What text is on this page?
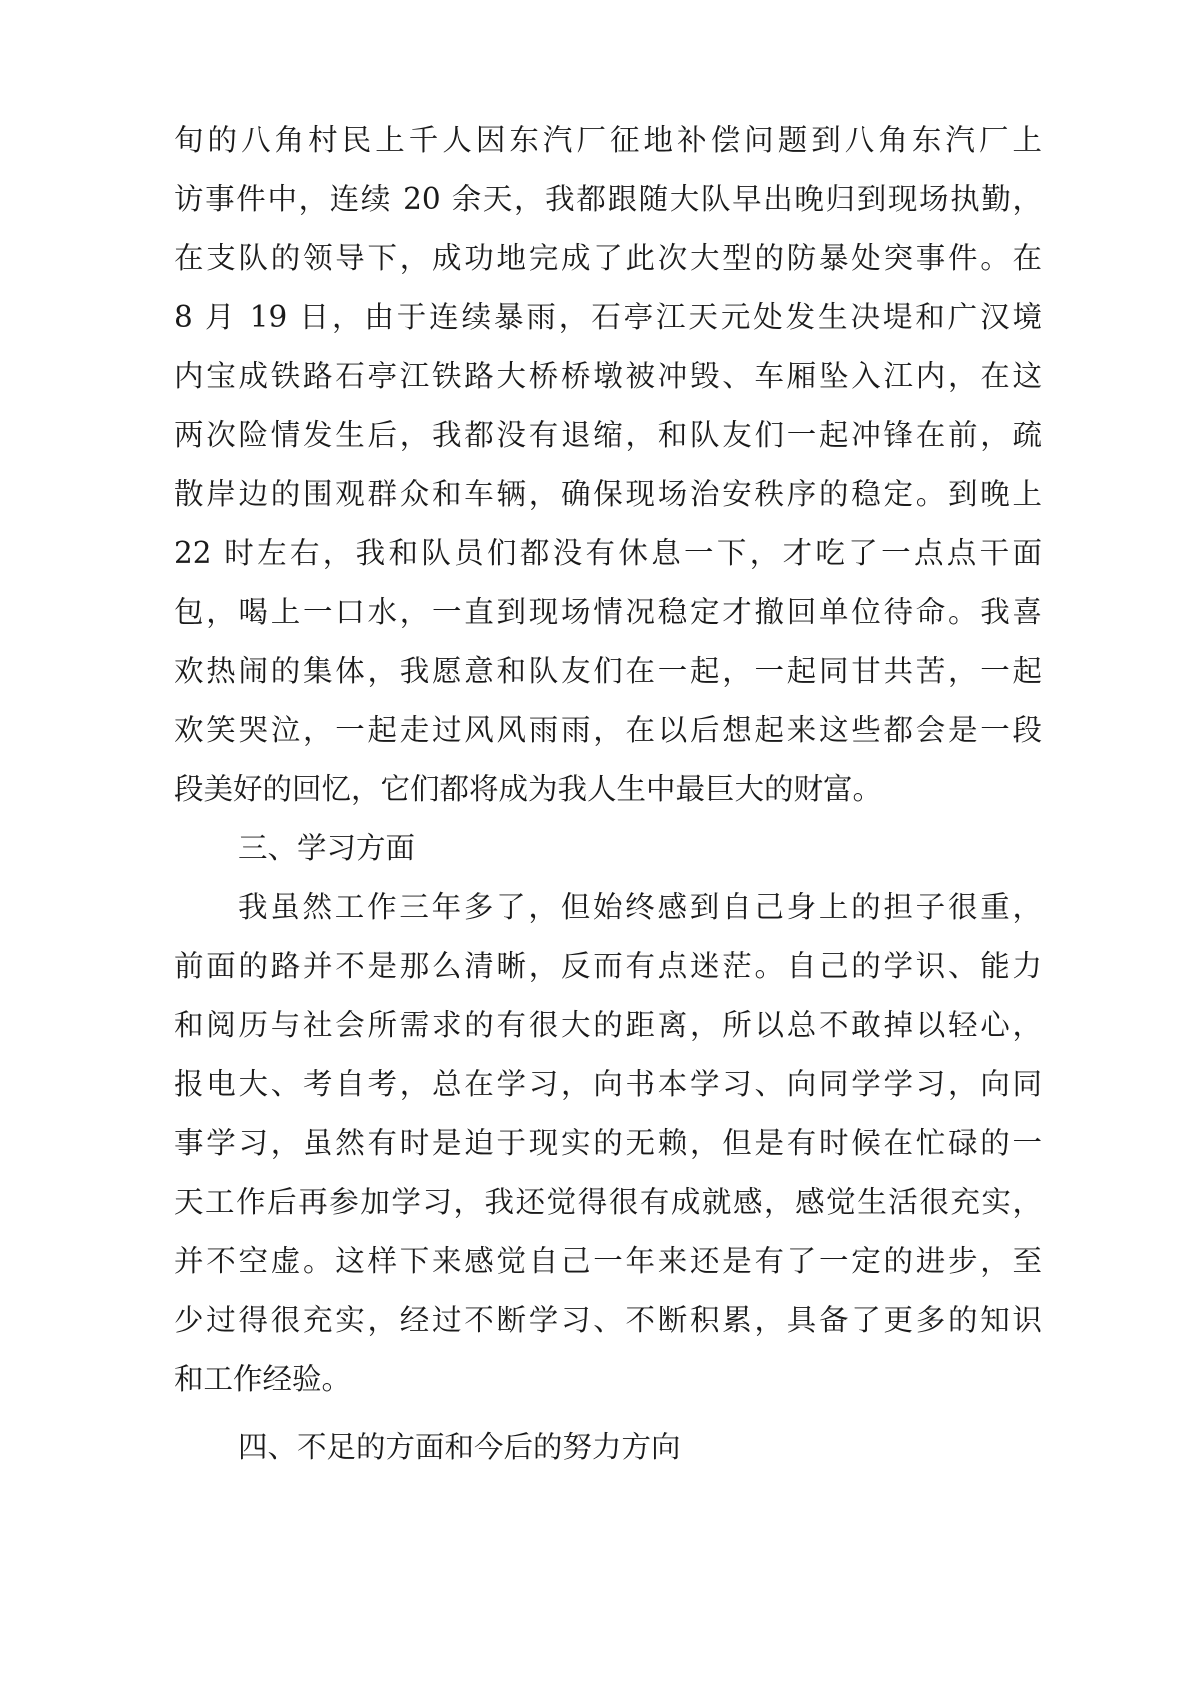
旬的八角村民上千人因东汽厂征地补偿问题到八角东汽厂上
访事件中，连续 20 余天，我都跟随大队早出晚归到现场执勤，
在支队的领导下，成功地完成了此次大型的防暴处突事件。在
8 月 19 日，由于连续暴雨，石亭江天元处发生决堤和广汉境
内宝成铁路石亭江铁路大桥桥墩被冲毁、车厢坠入江内，在这
两次险情发生后，我都没有退缩，和队友们一起冲锋在前，疏
散岸边的围观群众和车辆，确保现场治安秩序的稳定。到晚上
22 时左右，我和队员们都没有休息一下，才吃了一点点干面
包，喝上一口水，一直到现场情况稳定才撤回单位待命。我喜
欢热闹的集体，我愿意和队友们在一起，一起同甘共苦，一起
欢笑哭泣，一起走过风风雨雨，在以后想起来这些都会是一段
段美好的回忆，它们都将成为我人生中最巨大的财富。
三、学习方面
我虽然工作三年多了，但始终感到自己身上的担子很重，
前面的路并不是那么清晰，反而有点迷茫。自己的学识、能力
和阅历与社会所需求的有很大的距离，所以总不敢掉以轻心，
报电大、考自考，总在学习，向书本学习、向同学学习，向同
事学习，虽然有时是迫于现实的无赖，但是有时候在忙碌的一
天工作后再参加学习，我还觉得很有成就感，感觉生活很充实，
并不空虚。这样下来感觉自己一年来还是有了一定的进步，至
少过得很充实，经过不断学习、不断积累，具备了更多的知识
和工作经验。
四、不足的方面和今后的努力方向
